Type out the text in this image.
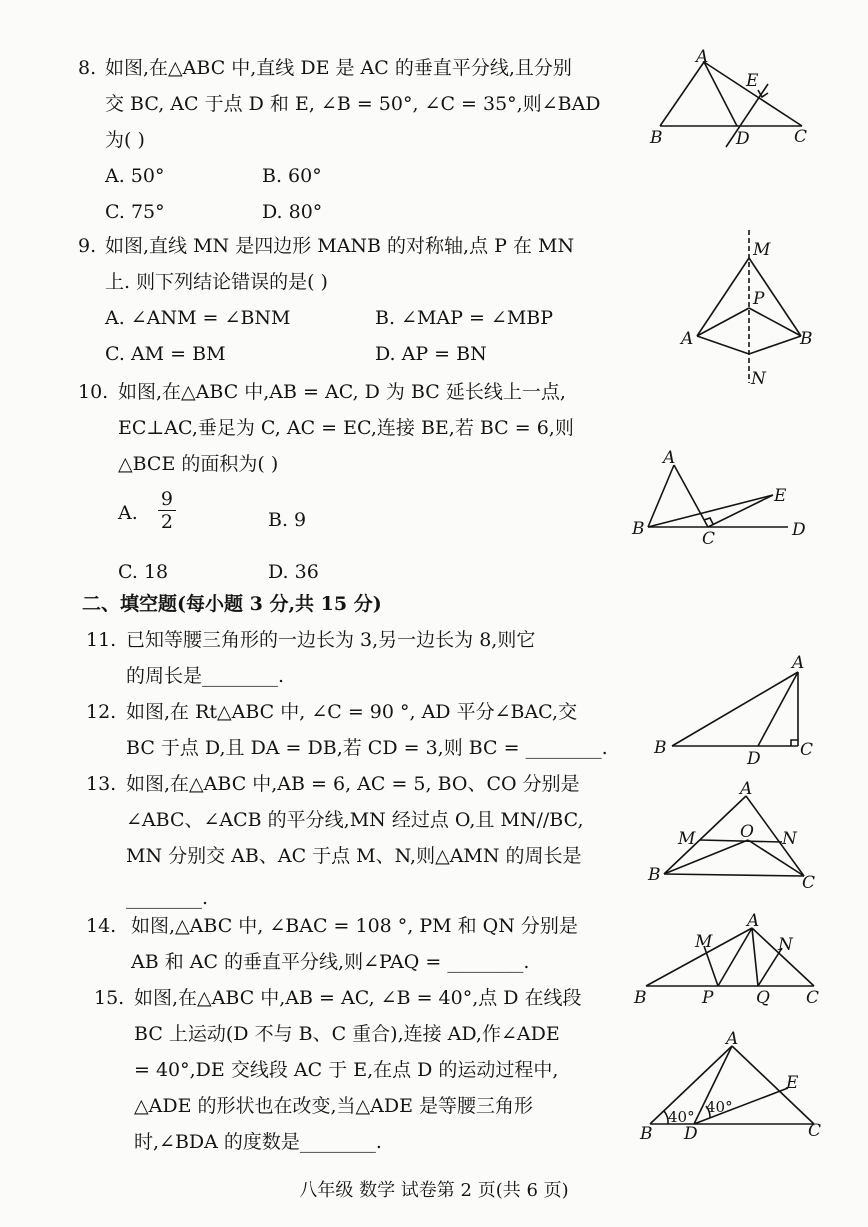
8. 如图,在△ABC 中,直线 DE 是 AC 的垂直平分线,且分别
交 BC, AC 于点 D 和 E, ∠B = 50°, ∠C = 35°,则∠BAD
为( )
A. 50°	B. 60°
C. 75°	D. 80°
A
E
B	D	C
9. 如图,直线 MN 是四边形 MANB 的对称轴,点 P 在 MN
上. 则下列结论错误的是( )
A. ∠ANM = ∠BNM	B. ∠MAP = ∠MBP
C. AM = BM	D. AP = BN
M
P
A	B
N
10. 如图,在△ABC 中,AB = AC, D 为 BC 延长线上一点,
EC⊥AC,垂足为 C, AC = EC,连接 BE,若 BC = 6,则
△BCE 的面积为( )
A. $\frac{9}{2}$	B. 9
C. 18	D. 36
A
E
B	C	D
二、填空题(每小题 3 分,共 15 分)
11. 已知等腰三角形的一边长为 3,另一边长为 8,则它
的周长是________.
12. 如图,在 Rt△ABC 中, ∠C = 90 °, AD 平分∠BAC,交
BC 于点 D,且 DA = DB,若 CD = 3,则 BC = ________.
A
B
D C
13. 如图,在△ABC 中,AB = 6, AC = 5, BO、CO 分别是
∠ABC、∠ACB 的平分线,MN 经过点 O,且 MN//BC,
MN 分别交 AB、AC 于点 M、N,则△AMN 的周长是
________.
A
M	O N
B	C
14. 如图,△ABC 中, ∠BAC = 108 °, PM 和 QN 分别是
AB 和 AC 的垂直平分线,则∠PAQ = ________.
A
M	N
B	P	Q C
15. 如图,在△ABC 中,AB = AC, ∠B = 40°,点 D 在线段
BC 上运动(D 不与 B、C 重合),连接 AD,作∠ADE
= 40°,DE 交线段 AC 于 E,在点 D 的运动过程中,
△ADE 的形状也在改变,当△ADE 是等腰三角形
时,∠BDA 的度数是________.
A
E
B D	C
40°
40°
八年级 数学 试卷第 2 页(共 6 页)
